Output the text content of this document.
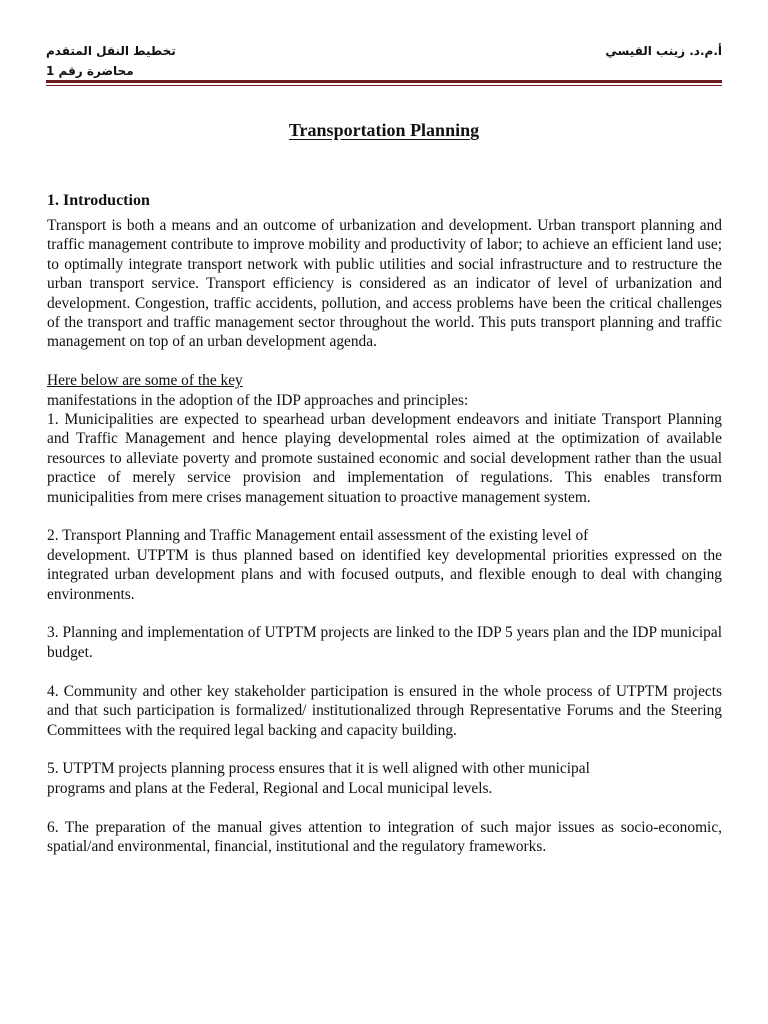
تخطيط النقل المتقدم
محاضرة رقم 1
أ.م.د. زينب القيسي
Transportation Planning
1. Introduction

Transport is both a means and an outcome of urbanization and development. Urban transport planning and traffic management contribute to improve mobility and productivity of labor; to achieve an efficient land use; to optimally integrate transport network with public utilities and social infrastructure and to restructure the urban transport service. Transport efficiency is considered as an indicator of level of urbanization and development. Congestion, traffic accidents, pollution, and access problems have been the critical challenges of the transport and traffic management sector throughout the world. This puts transport planning and traffic management on top of an urban development agenda.

Here below are some of the key

manifestations in the adoption of the IDP approaches and principles:

1. Municipalities are expected to spearhead urban development endeavors and initiate Transport Planning and Traffic Management and hence playing developmental roles aimed at the optimization of available resources to alleviate poverty and promote sustained economic and social development rather than the usual practice of merely service provision and implementation of regulations. This enables transform municipalities from mere crises management situation to proactive management system.

2. Transport Planning and Traffic Management entail assessment of the existing level of

development. UTPTM is thus planned based on identified key developmental priorities expressed on the integrated urban development plans and with focused outputs, and flexible enough to deal with changing environments.

3. Planning and implementation of UTPTM projects are linked to the IDP 5 years plan and the IDP municipal budget.

4. Community and other key stakeholder participation is ensured in the whole process of UTPTM projects and that such participation is formalized/ institutionalized through Representative Forums and the Steering Committees with the required legal backing and capacity building.

5. UTPTM projects planning process ensures that it is well aligned with other municipal

programs and plans at the Federal, Regional and Local municipal levels.

6. The preparation of the manual gives attention to integration of such major issues as socio-economic, spatial/and environmental, financial, institutional and the regulatory frameworks.
